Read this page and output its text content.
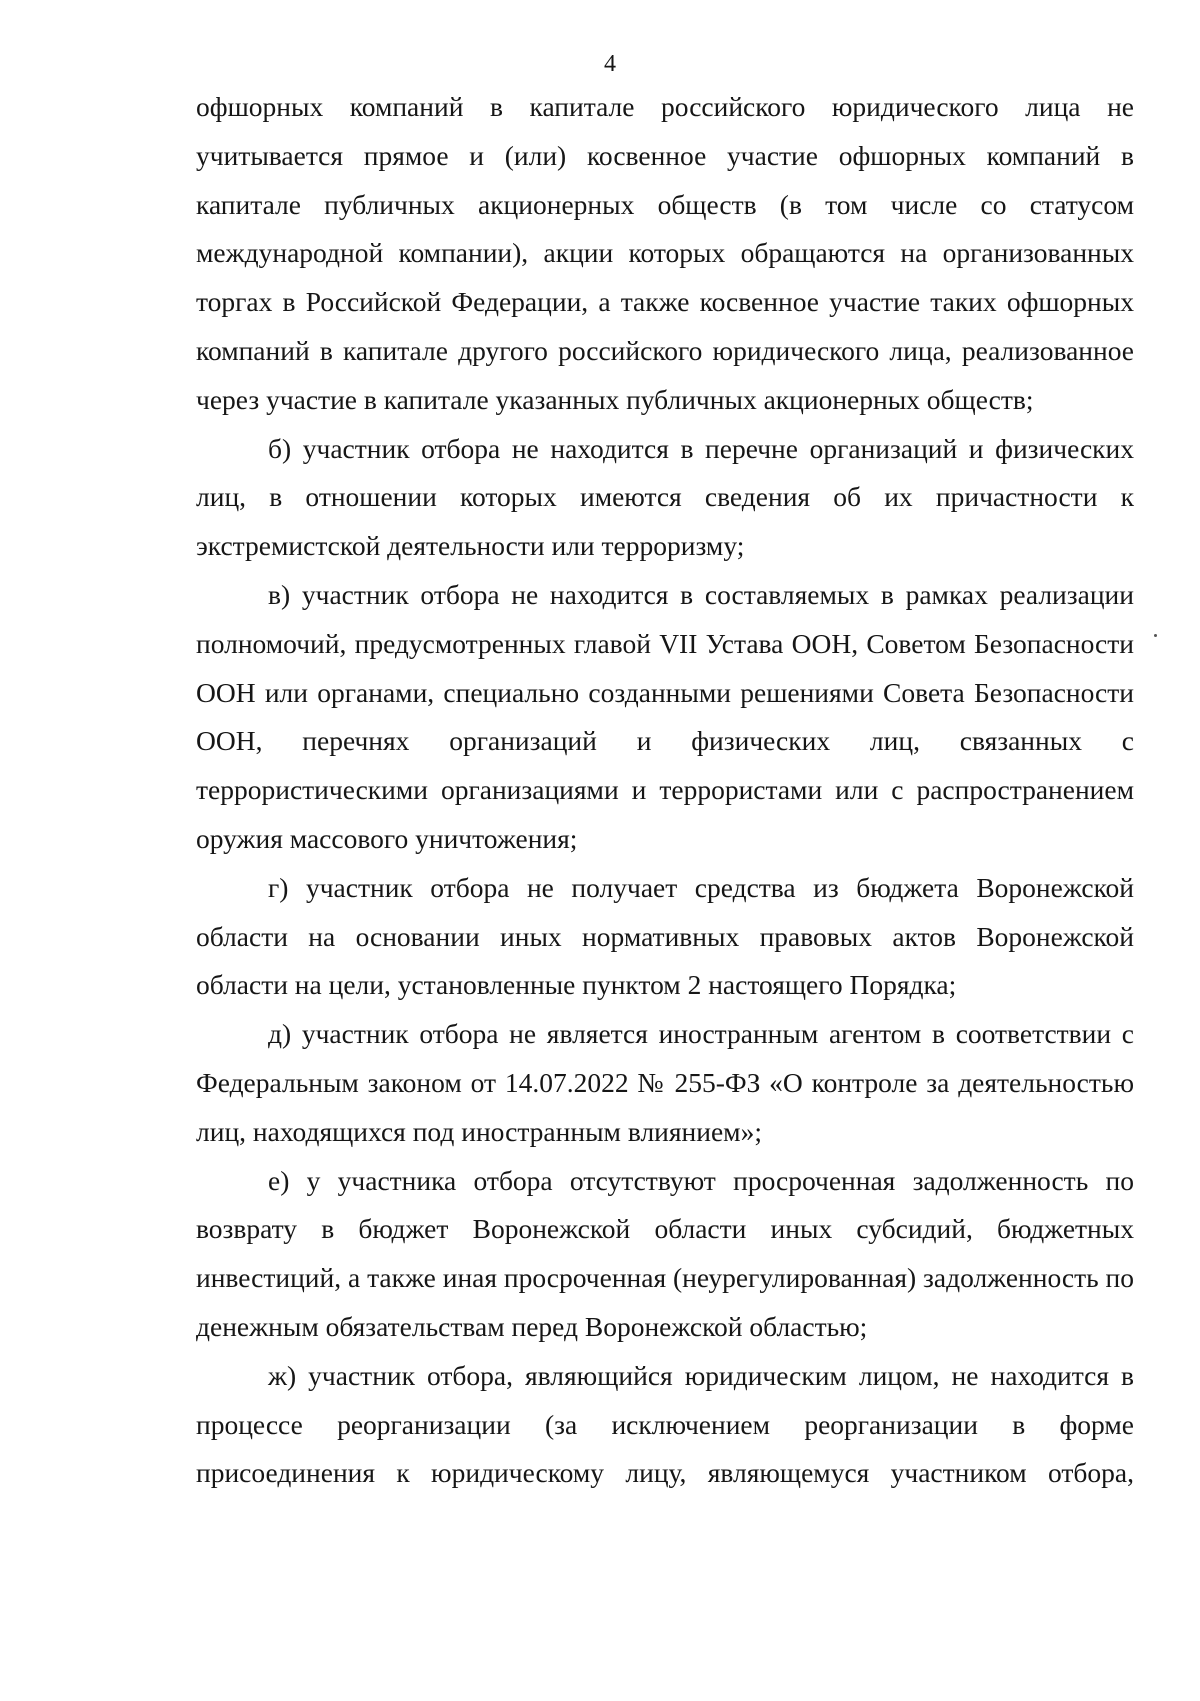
4

офшорных компаний в капитале российского юридического лица не учитывается прямое и (или) косвенное участие офшорных компаний в капитале публичных акционерных обществ (в том числе со статусом международной компании), акции которых обращаются на организованных торгах в Российской Федерации, а также косвенное участие таких офшорных компаний в капитале другого российского юридического лица, реализованное через участие в капитале указанных публичных акционерных обществ;

б) участник отбора не находится в перечне организаций и физических лиц, в отношении которых имеются сведения об их причастности к экстремистской деятельности или терроризму;

в) участник отбора не находится в составляемых в рамках реализации полномочий, предусмотренных главой VII Устава ООН, Советом Безопасности ООН или органами, специально созданными решениями Совета Безопасности ООН, перечнях организаций и физических лиц, связанных с террористическими организациями и террористами или с распространением оружия массового уничтожения;

г) участник отбора не получает средства из бюджета Воронежской области на основании иных нормативных правовых актов Воронежской области на цели, установленные пунктом 2 настоящего Порядка;

д) участник отбора не является иностранным агентом в соответствии с Федеральным законом от 14.07.2022 № 255-ФЗ «О контроле за деятельностью лиц, находящихся под иностранным влиянием»;

е) у участника отбора отсутствуют просроченная задолженность по возврату в бюджет Воронежской области иных субсидий, бюджетных инвестиций, а также иная просроченная (неурегулированная) задолженность по денежным обязательствам перед Воронежской областью;

ж) участник отбора, являющийся юридическим лицом, не находится в процессе реорганизации (за исключением реорганизации в форме присоединения к юридическому лицу, являющемуся участником отбора,
